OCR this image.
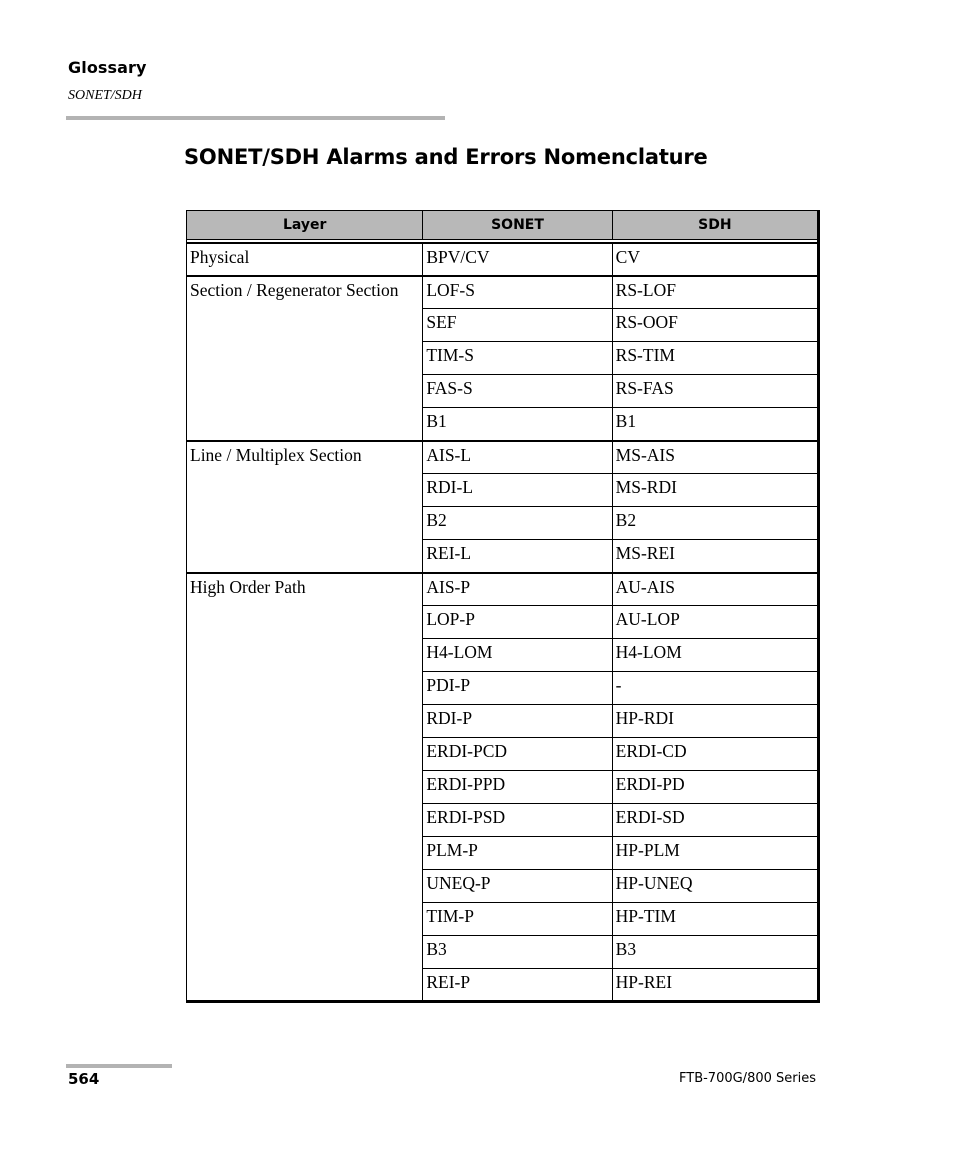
Glossary
SONET/SDH
SONET/SDH Alarms and Errors Nomenclature
Layer	SONET	SDH

Physical	BPV/CV	CV
Section / Regenerator Section	LOF-S	RS-LOF
	SEF	RS-OOF
	TIM-S	RS-TIM
	FAS-S	RS-FAS
	B1	B1
Line / Multiplex Section	AIS-L	MS-AIS
	RDI-L	MS-RDI
	B2	B2
	REI-L	MS-REI
High Order Path	AIS-P	AU-AIS
	LOP-P	AU-LOP
	H4-LOM	H4-LOM
	PDI-P	-
	RDI-P	HP-RDI
	ERDI-PCD	ERDI-CD
	ERDI-PPD	ERDI-PD
	ERDI-PSD	ERDI-SD
	PLM-P	HP-PLM
	UNEQ-P	HP-UNEQ
	TIM-P	HP-TIM
	B3	B3
	REI-P	HP-REI
564	FTB-700G/800 Series
